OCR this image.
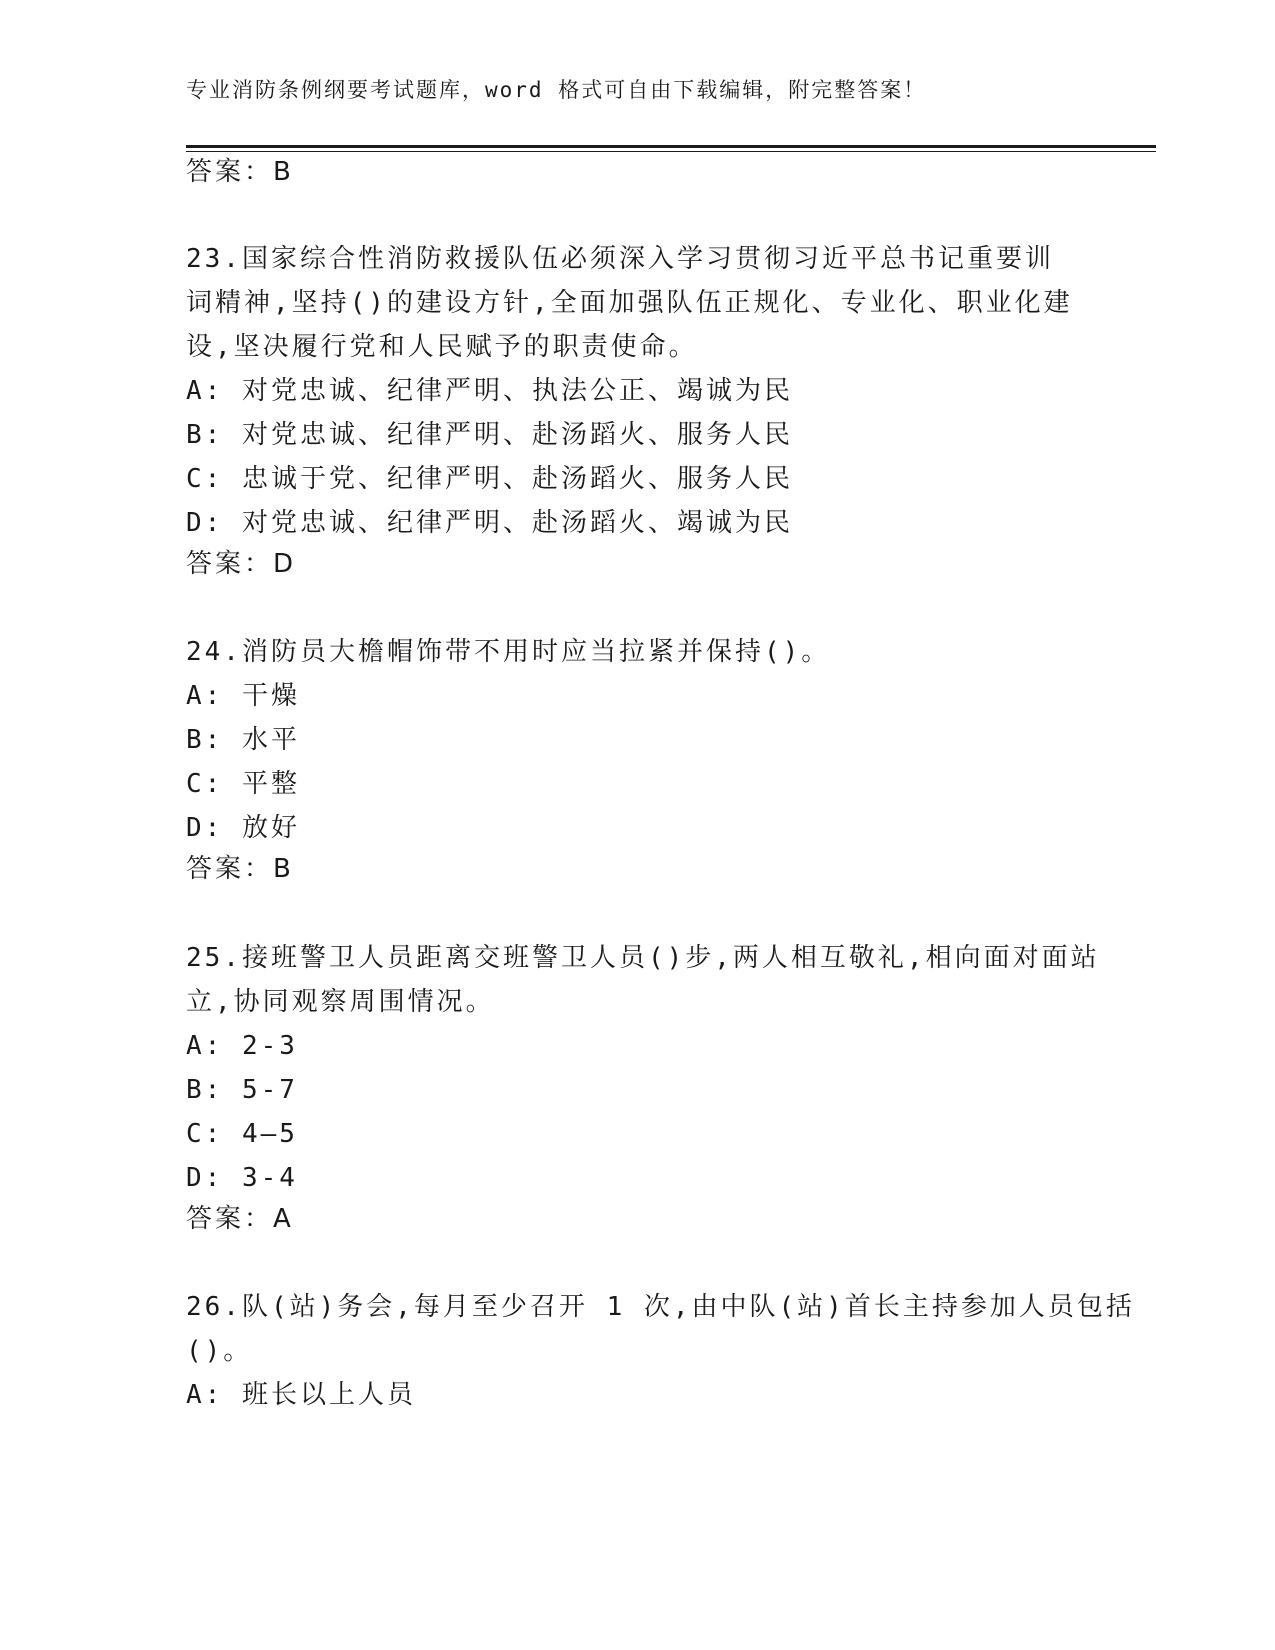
专业消防条例纲要考试题库，word 格式可自由下载编辑，附完整答案！
答案：B
23.国家综合性消防救援队伍必须深入学习贯彻习近平总书记重要训
词精神,坚持()的建设方针,全面加强队伍正规化、专业化、职业化建
设,坚决履行党和人民赋予的职责使命。
A: 对党忠诚、纪律严明、执法公正、竭诚为民
B: 对党忠诚、纪律严明、赴汤蹈火、服务人民
C: 忠诚于党、纪律严明、赴汤蹈火、服务人民
D: 对党忠诚、纪律严明、赴汤蹈火、竭诚为民
答案：D
24.消防员大檐帽饰带不用时应当拉紧并保持()。
A: 干燥
B: 水平
C: 平整
D: 放好
答案：B
25.接班警卫人员距离交班警卫人员()步,两人相互敬礼,相向面对面站
立,协同观察周围情况。
A: 2-3
B: 5-7
C: 4—5
D: 3-4
答案：A
26.队(站)务会,每月至少召开 1 次,由中队(站)首长主持参加人员包括
()。
A: 班长以上人员
